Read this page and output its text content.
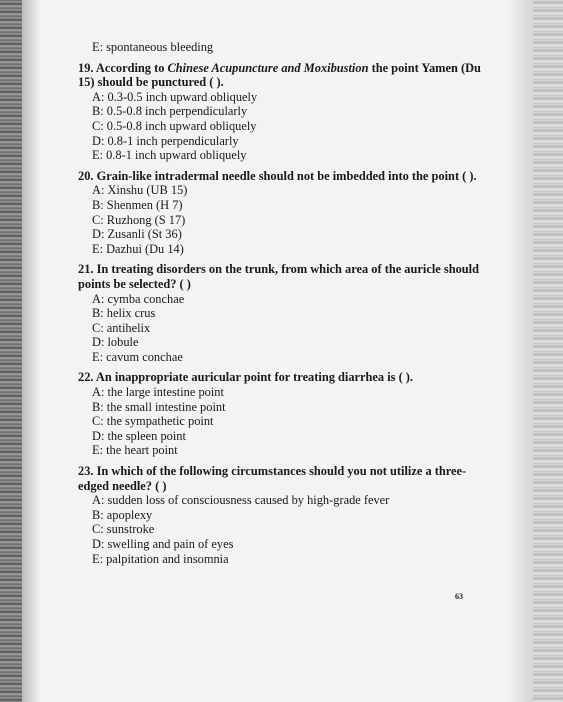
E: spontaneous bleeding
19. According to Chinese Acupuncture and Moxibustion the point Yamen (Du 15) should be punctured ( ).
A: 0.3-0.5 inch upward obliquely
B: 0.5-0.8 inch perpendicularly
C: 0.5-0.8 inch upward obliquely
D: 0.8-1 inch perpendicularly
E: 0.8-1 inch upward obliquely
20. Grain-like intradermal needle should not be imbedded into the point ( ).
A: Xinshu (UB 15)
B: Shenmen (H 7)
C: Ruzhong (S 17)
D: Zusanli (St 36)
E: Dazhui (Du 14)
21. In treating disorders on the trunk, from which area of the auricle should points be selected? ( )
A: cymba conchae
B: helix crus
C: antihelix
D: lobule
E: cavum conchae
22. An inappropriate auricular point for treating diarrhea is ( ).
A: the large intestine point
B: the small intestine point
C: the sympathetic point
D: the spleen point
E: the heart point
23. In which of the following circumstances should you not utilize a three-edged needle? ( )
A: sudden loss of consciousness caused by high-grade fever
B: apoplexy
C: sunstroke
D: swelling and pain of eyes
E: palpitation and insomnia
63
